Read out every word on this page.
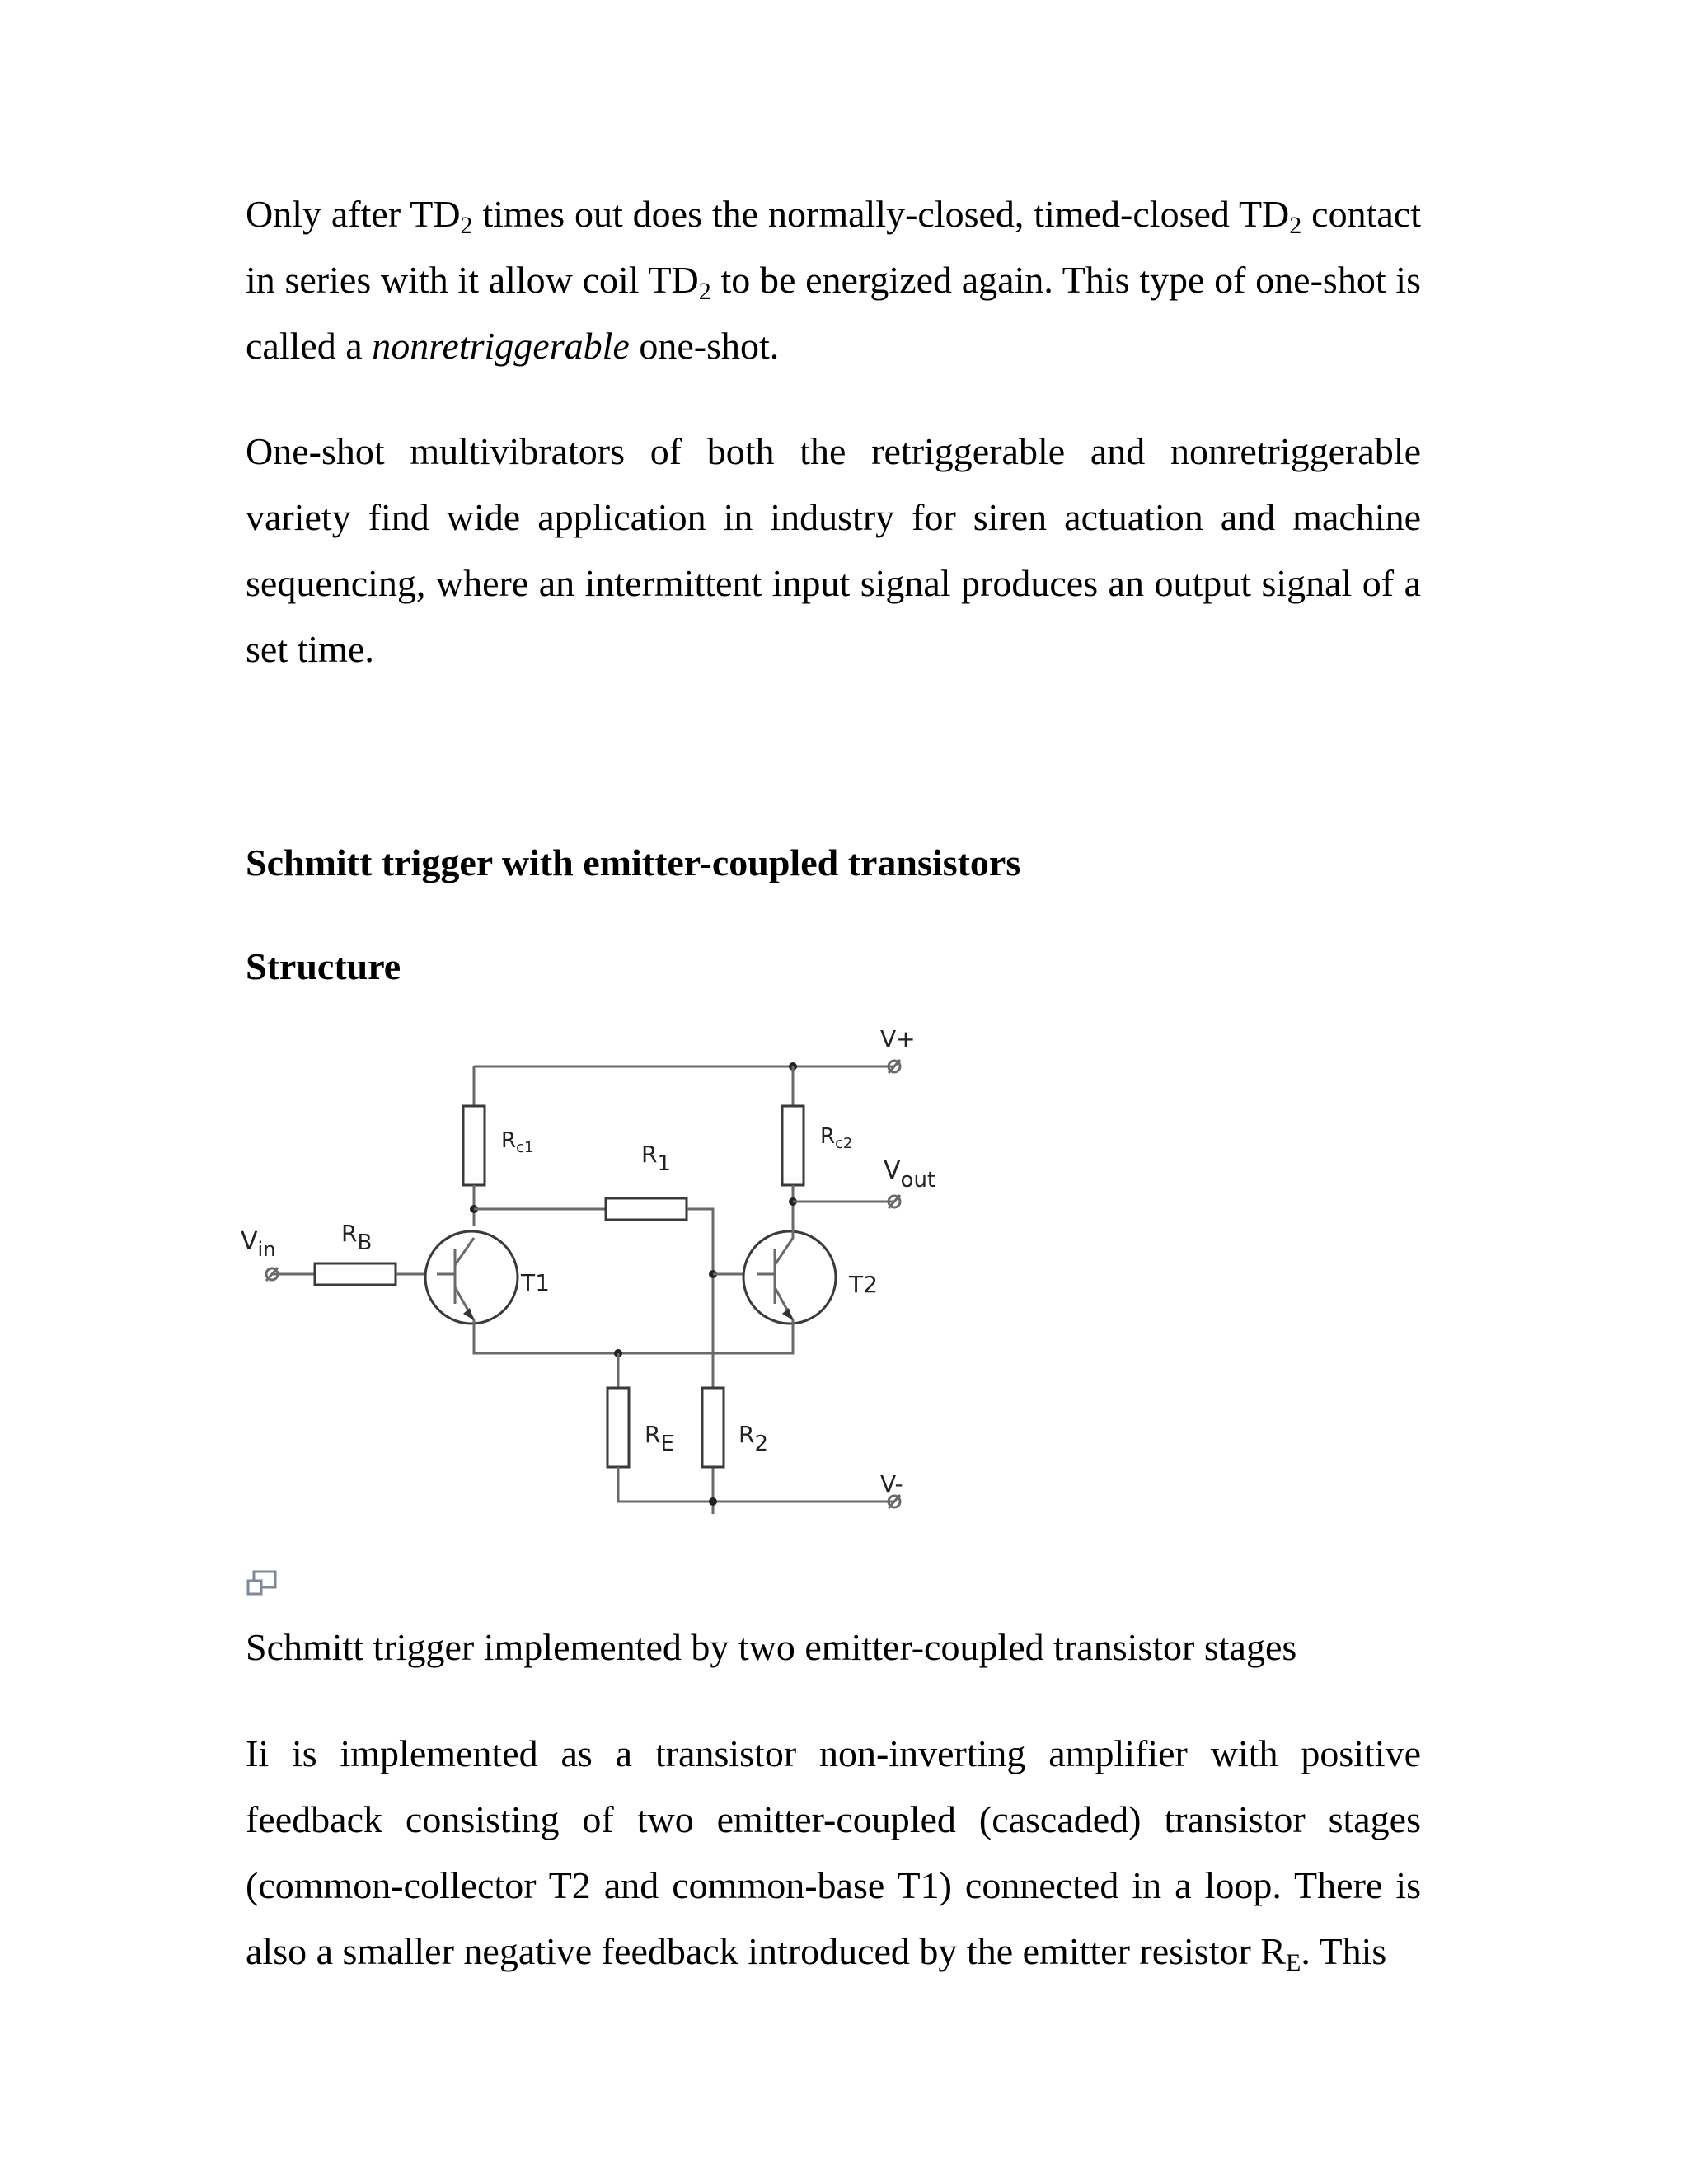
Only after $TD_2$ times out does the normally-closed, timed-closed $TD_2$ contact in series with it allow coil $TD_2$ to be energized again. This type of one-shot is called a nonretriggerable one-shot.

One-shot multivibrators of both the retriggerable and nonretriggerable variety find wide application in industry for siren actuation and machine sequencing, where an intermittent input signal produces an output signal of a set time.

Schmitt trigger with emitter-coupled transistors

Structure

V+
V-
$V_{in}$
Vout
RB
$R_{c1}$	$R_{c2}$
R1
R2
RE
T1	T2

Schmitt trigger implemented by two emitter-coupled transistor stages

Ii is implemented as a transistor non-inverting amplifier with positive feedback consisting of two emitter-coupled (cascaded) transistor stages (common-collector T2 and common-base T1) connected in a loop. There is also a smaller negative feedback introduced by the emitter resistor $R_E$. This
